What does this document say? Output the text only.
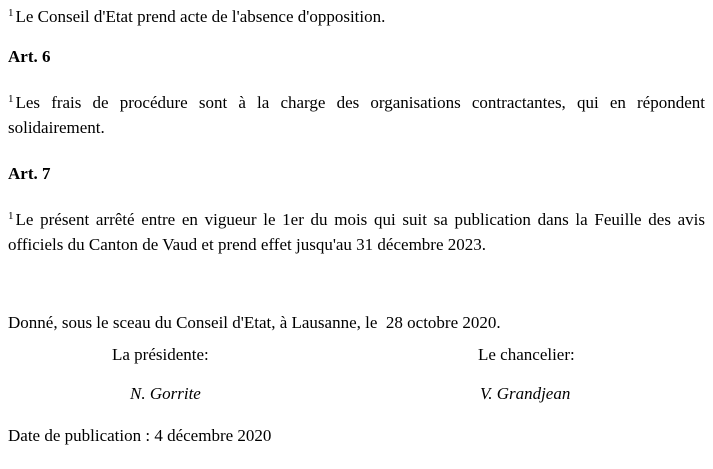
$^1$ Le Conseil d'Etat prend acte de l'absence d'opposition.

Art. 6

$^1$ Les frais de procédure sont à la charge des organisations contractantes, qui en répondent solidairement.

Art. 7

$^1$ Le présent arrêté entre en vigueur le 1er du mois qui suit sa publication dans la Feuille des avis officiels du Canton de Vaud et prend effet jusqu'au 31 décembre 2023.

Donné, sous le sceau du Conseil d'Etat, à Lausanne, le  28 octobre 2020.

La présidente:	Le chancelier:
N. Gorrite	V. Grandjean

Date de publication : 4 décembre 2020
